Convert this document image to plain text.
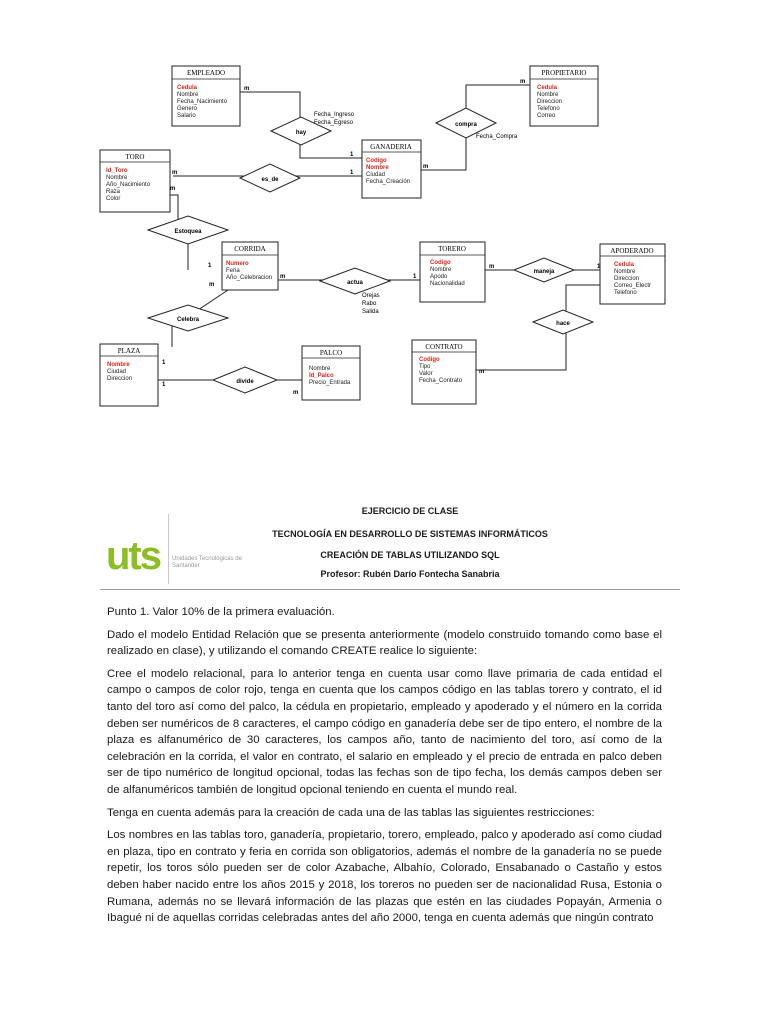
hay
compra
es_de
Estoquea
actua
maneja
hace
Celebra
divide
Fecha_Ingreso
Fecha_Egreso
Fecha_Compra
Orejas
Rabo
Salida
m
1
m
m
m	1
m
1
m	1
m	1
m
1
1
m
m
EMPLEADO
Cedula
Nombre
Fecha_Nacimiento
Genero
Salario
PROPIETARIO
Cedula
Nombre
Direccion
Telefono
Correo
TORO
Id_Toro
Nombre
Año_Nacimiento
Raza
Color
GANADERIA
Codigo
Nombre
Ciudad
Fecha_Creación
CORRIDA
Numero
Feria
Año_Celebracion
TORERO
Codigo
Nombre
Apodo
Nacionalidad
APODERADO
Cedula
Nombre
Direccion
Correo_Electr
Telefono
CONTRATO
Codigo
Tipo
Valor
Fecha_Contrato
PLAZA
Nombre
Ciudad
Direccion
PALCO
Nombre
Id_Palco
Precio_Entrada
uts Unidades Tecnológicas de Santander
EJERCICIO DE CLASE
TECNOLOGÍA EN DESARROLLO DE SISTEMAS INFORMÁTICOS
CREACIÓN DE TABLAS UTILIZANDO SQL
Profesor: Rubén Darío Fontecha Sanabria

Punto 1. Valor 10% de la primera evaluación.

Dado el modelo Entidad Relación que se presenta anteriormente (modelo construido tomando como base el realizado en clase), y utilizando el comando CREATE realice lo siguiente:

Cree el modelo relacional, para lo anterior tenga en cuenta usar como llave primaria de cada entidad el campo o campos de color rojo, tenga en cuenta que los campos código en las tablas torero y contrato, el id tanto del toro así como del palco, la cédula en propietario, empleado y apoderado y el número en la corrida deben ser numéricos de 8 caracteres, el campo código en ganadería debe ser de tipo entero, el nombre de la plaza es alfanumérico de 30 caracteres, los campos año, tanto de nacimiento del toro, así como de la celebración en la corrida, el valor en contrato, el salario en empleado y el precio de entrada en palco deben ser de tipo numérico de longitud opcional, todas las fechas son de tipo fecha, los demás campos deben ser de alfanuméricos también de longitud opcional teniendo en cuenta el mundo real.

Tenga en cuenta además para la creación de cada una de las tablas las siguientes restricciones:

Los nombres en las tablas toro, ganadería, propietario, torero, empleado, palco y apoderado así como ciudad en plaza, tipo en contrato y feria en corrida son obligatorios, además el nombre de la ganadería no se puede repetir, los toros sólo pueden ser de color Azabache, Albahío, Colorado, Ensabanado o Castaño y estos deben haber nacido entre los años 2015 y 2018, los toreros no pueden ser de nacionalidad Rusa, Estonia o Rumana, además no se llevará información de las plazas que estén en las ciudades Popayán, Armenia o Ibagué ni de aquellas corridas celebradas antes del año 2000, tenga en cuenta además que ningún contrato
